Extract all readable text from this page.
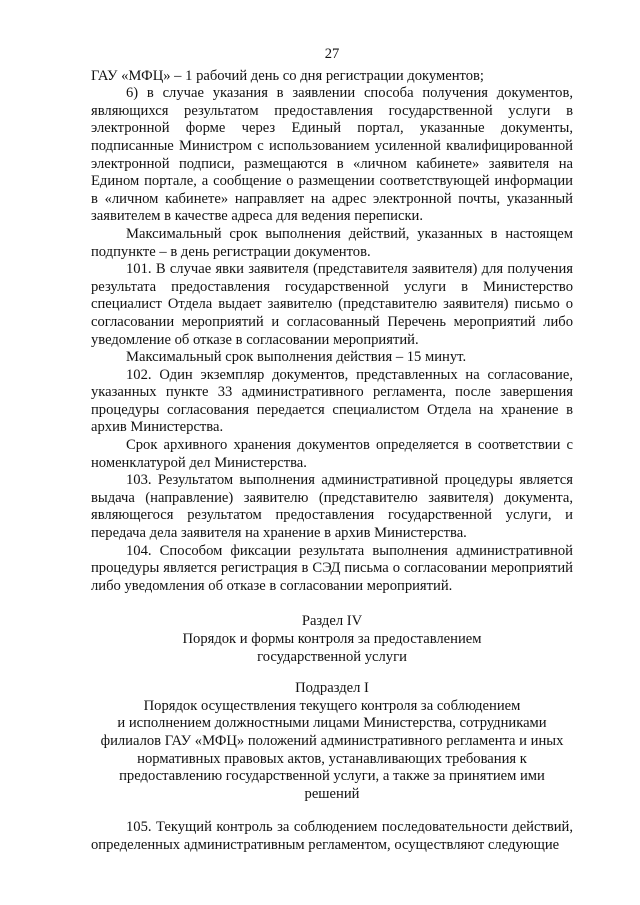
27

ГАУ «МФЦ» – 1 рабочий день со дня регистрации документов;

6) в случае указания в заявлении способа получения документов, являющихся результатом предоставления государственной услуги в электронной форме через Единый портал, указанные документы, подписанные Министром с использованием усиленной квалифицированной электронной подписи, размещаются в «личном кабинете» заявителя на Едином портале, а сообщение о размещении соответствующей информации в «личном кабинете» направляет на адрес электронной почты, указанный заявителем в качестве адреса для ведения переписки.

Максимальный срок выполнения действий, указанных в настоящем подпункте – в день регистрации документов.

101. В случае явки заявителя (представителя заявителя) для получения результата предоставления государственной услуги в Министерство специалист Отдела выдает заявителю (представителю заявителя) письмо о согласовании мероприятий и согласованный Перечень мероприятий либо уведомление об отказе в согласовании мероприятий.

Максимальный срок выполнения действия – 15 минут.

102. Один экземпляр документов, представленных на согласование, указанных пункте 33 административного регламента, после завершения процедуры согласования передается специалистом Отдела на хранение в архив Министерства.

Срок архивного хранения документов определяется в соответствии с номенклатурой дел Министерства.

103. Результатом выполнения административной процедуры является выдача (направление) заявителю (представителю заявителя) документа, являющегося результатом предоставления государственной услуги, и передача дела заявителя на хранение в архив Министерства.

104. Способом фиксации результата выполнения административной процедуры является регистрация в СЭД письма о согласовании мероприятий либо уведомления об отказе в согласовании мероприятий.

Раздел IV

Порядок и формы контроля за предоставлением

государственной услуги

Подраздел I

Порядок осуществления текущего контроля за соблюдением

и исполнением должностными лицами Министерства, сотрудниками

филиалов ГАУ «МФЦ» положений административного регламента и иных

нормативных правовых актов, устанавливающих требования к

предоставлению государственной услуги, а также за принятием ими решений

105. Текущий контроль за соблюдением последовательности действий, определенных административным регламентом, осуществляют следующие
